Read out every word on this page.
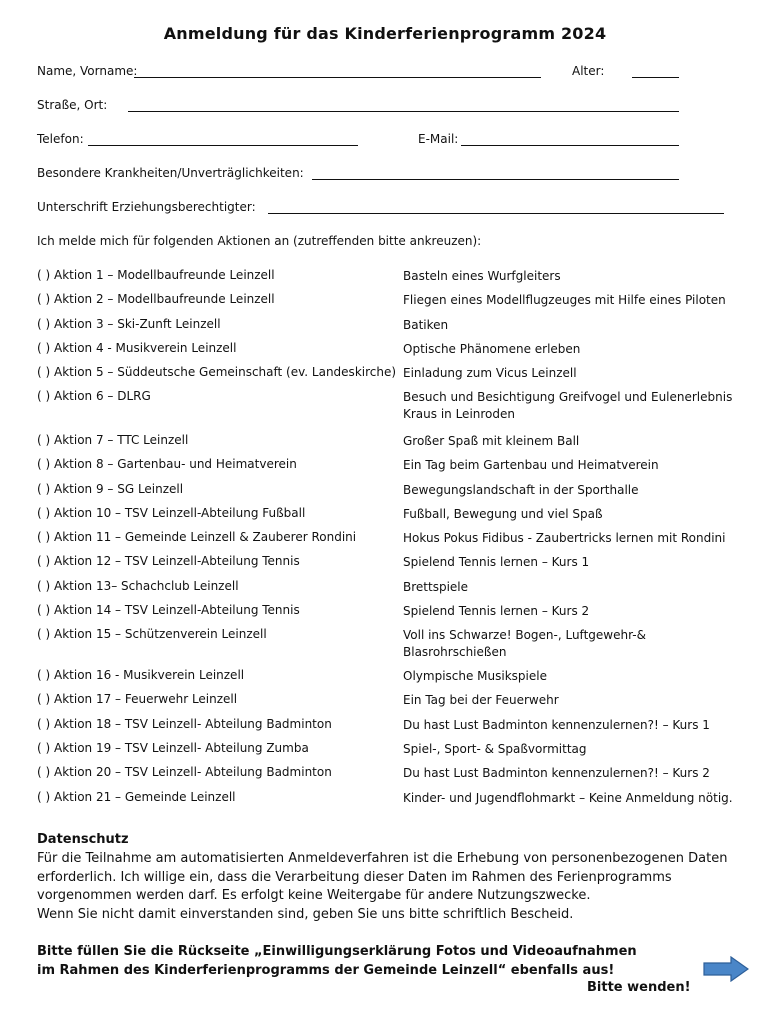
Anmeldung für das Kinderferienprogramm 2024
Name, Vorname:	Alter:
Straße, Ort:
Telefon:	E-Mail:
Besondere Krankheiten/Unverträglichkeiten:
Unterschrift Erziehungsberechtigter:
Ich melde mich für folgenden Aktionen an (zutreffenden bitte ankreuzen):
( ) Aktion 1 – Modellbaufreunde Leinzell	Basteln eines Wurfgleiters
( ) Aktion 2 – Modellbaufreunde Leinzell	Fliegen eines Modellflugzeuges mit Hilfe eines Piloten
( ) Aktion 3 – Ski-Zunft Leinzell	Batiken
( ) Aktion 4 - Musikverein Leinzell	Optische Phänomene erleben
( ) Aktion 5 – Süddeutsche Gemeinschaft (ev. Landeskirche) Einladung zum Vicus Leinzell
( ) Aktion 6 – DLRG	Besuch und Besichtigung Greifvogel und Eulenerlebnis Kraus in Leinroden
( ) Aktion 7 – TTC Leinzell	Großer Spaß mit kleinem Ball
( ) Aktion 8 – Gartenbau- und Heimatverein	Ein Tag beim Gartenbau und Heimatverein
( ) Aktion 9 – SG Leinzell	Bewegungslandschaft in der Sporthalle
( ) Aktion 10 – TSV Leinzell-Abteilung Fußball	Fußball, Bewegung und viel Spaß
( ) Aktion 11 – Gemeinde Leinzell & Zauberer Rondini	Hokus Pokus Fidibus - Zaubertricks lernen mit Rondini
( ) Aktion 12 – TSV Leinzell-Abteilung Tennis	Spielend Tennis lernen – Kurs 1
( ) Aktion 13– Schachclub Leinzell	Brettspiele
( ) Aktion 14 – TSV Leinzell-Abteilung Tennis	Spielend Tennis lernen – Kurs 2
( ) Aktion 15 – Schützenverein Leinzell	Voll ins Schwarze! Bogen-, Luftgewehr-& Blasrohrschießen
( ) Aktion 16 - Musikverein Leinzell	Olympische Musikspiele
( ) Aktion 17 – Feuerwehr Leinzell	Ein Tag bei der Feuerwehr
( ) Aktion 18 – TSV Leinzell- Abteilung Badminton	Du hast Lust Badminton kennenzulernen?! – Kurs 1
( ) Aktion 19 – TSV Leinzell- Abteilung Zumba	Spiel-, Sport- & Spaßvormittag
( ) Aktion 20 – TSV Leinzell- Abteilung Badminton	Du hast Lust Badminton kennenzulernen?! – Kurs 2
( ) Aktion 21 – Gemeinde Leinzell	Kinder- und Jugendflohmarkt – Keine Anmeldung nötig.
Datenschutz
Für die Teilnahme am automatisierten Anmeldeverfahren ist die Erhebung von personenbezogenen Daten
erforderlich. Ich willige ein, dass die Verarbeitung dieser Daten im Rahmen des Ferienprogramms
vorgenommen werden darf. Es erfolgt keine Weitergabe für andere Nutzungszwecke.
Wenn Sie nicht damit einverstanden sind, geben Sie uns bitte schriftlich Bescheid.
Bitte füllen Sie die Rückseite „Einwilligungserklärung Fotos und Videoaufnahmen
im Rahmen des Kinderferienprogramms der Gemeinde Leinzell“ ebenfalls aus!
Bitte wenden!
